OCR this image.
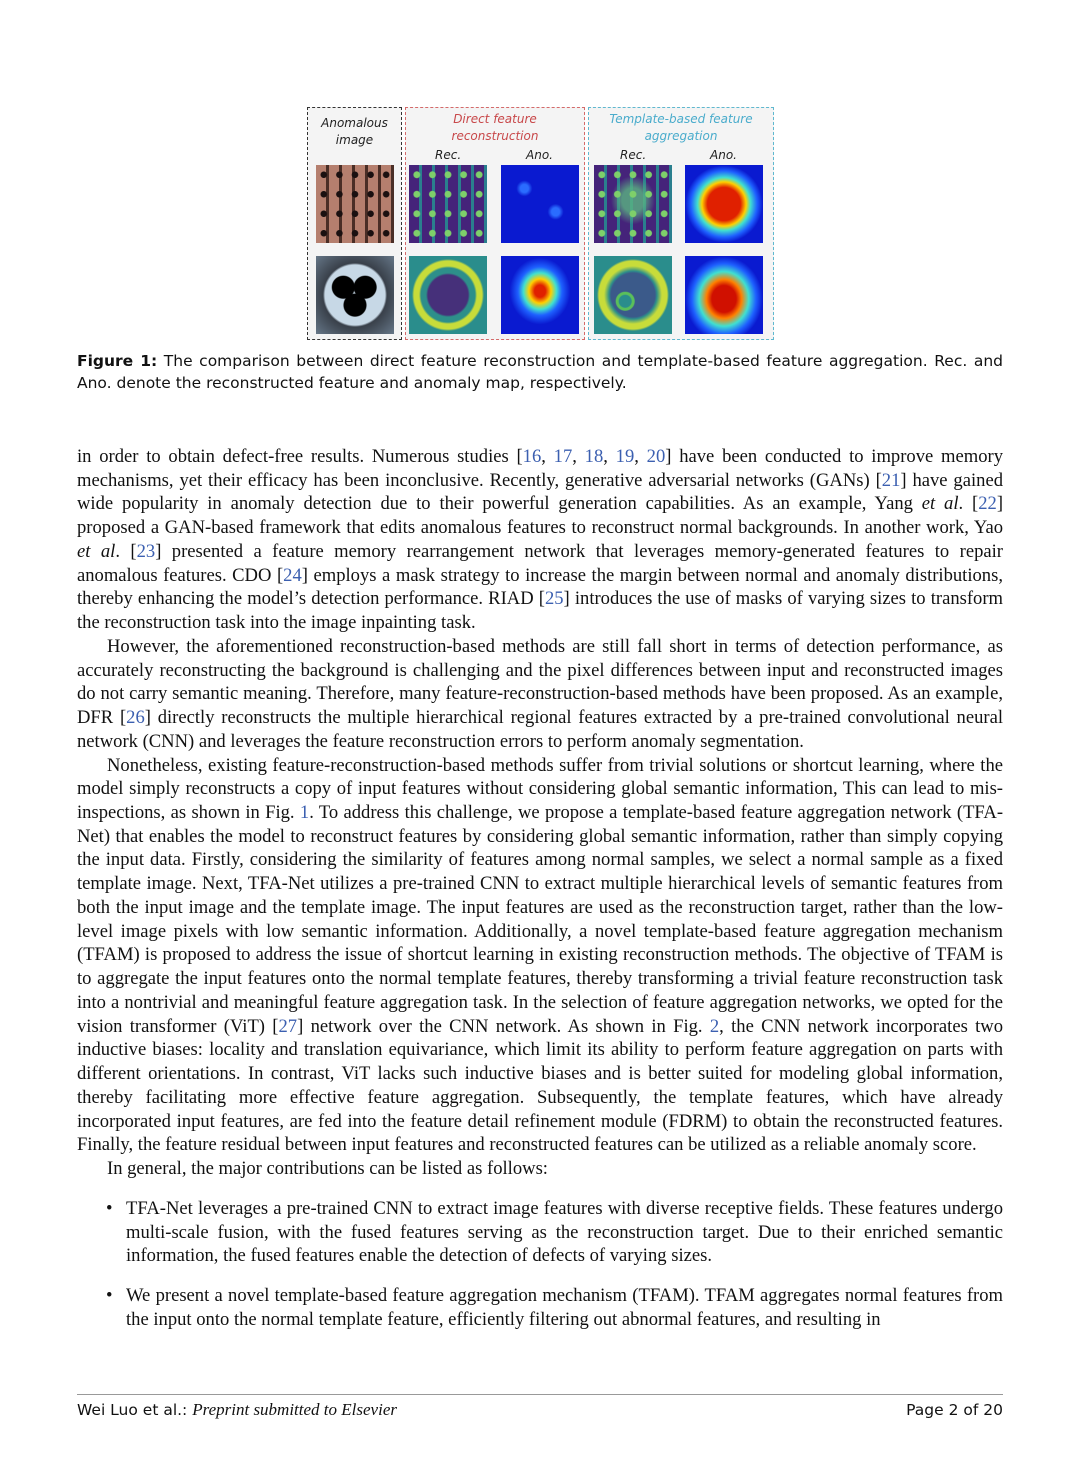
Anomalous image
Direct feature reconstruction
Rec.	Ano.
Template-based feature aggregation
Rec.	Ano.
Figure 1: The comparison between direct feature reconstruction and template-based feature aggregation. Rec. and Ano. denote the reconstructed feature and anomaly map, respectively.

in order to obtain defect-free results. Numerous studies [16, 17, 18, 19, 20] have been conducted to improve memory mechanisms, yet their efficacy has been inconclusive. Recently, generative adversarial networks (GANs) [21] have gained wide popularity in anomaly detection due to their powerful generation capabilities. As an example, Yang et al. [22] proposed a GAN-based framework that edits anomalous features to reconstruct normal backgrounds. In another work, Yao et al. [23] presented a feature memory rearrangement network that leverages memory-generated features to repair anomalous features. CDO [24] employs a mask strategy to increase the margin between normal and anomaly distributions, thereby enhancing the model’s detection performance. RIAD [25] introduces the use of masks of varying sizes to transform the reconstruction task into the image inpainting task.

However, the aforementioned reconstruction-based methods are still fall short in terms of detection performance, as accurately reconstructing the background is challenging and the pixel differences between input and reconstructed images do not carry semantic meaning. Therefore, many feature-reconstruction-based methods have been proposed. As an example, DFR [26] directly reconstructs the multiple hierarchical regional features extracted by a pre-trained convolutional neural network (CNN) and leverages the feature reconstruction errors to perform anomaly segmentation.

Nonetheless, existing feature-reconstruction-based methods suffer from trivial solutions or shortcut learning, where the model simply reconstructs a copy of input features without considering global semantic information, This can lead to mis-inspections, as shown in Fig. 1. To address this challenge, we propose a template-based feature aggregation network (TFA-Net) that enables the model to reconstruct features by considering global semantic information, rather than simply copying the input data. Firstly, considering the similarity of features among normal samples, we select a normal sample as a fixed template image. Next, TFA-Net utilizes a pre-trained CNN to extract multiple hierarchical levels of semantic features from both the input image and the template image. The input features are used as the reconstruction target, rather than the low-level image pixels with low semantic information. Additionally, a novel template-based feature aggregation mechanism (TFAM) is proposed to address the issue of shortcut learning in existing reconstruction methods. The objective of TFAM is to aggregate the input features onto the normal template features, thereby transforming a trivial feature reconstruction task into a nontrivial and meaningful feature aggregation task. In the selection of feature aggregation networks, we opted for the vision transformer (ViT) [27] network over the CNN network. As shown in Fig. 2, the CNN network incorporates two inductive biases: locality and translation equivariance, which limit its ability to perform feature aggregation on parts with different orientations. In contrast, ViT lacks such inductive biases and is better suited for modeling global information, thereby facilitating more effective feature aggregation. Subsequently, the template features, which have already incorporated input features, are fed into the feature detail refinement module (FDRM) to obtain the reconstructed features. Finally, the feature residual between input features and reconstructed features can be utilized as a reliable anomaly score.

In general, the major contributions can be listed as follows:

• TFA-Net leverages a pre-trained CNN to extract image features with diverse receptive fields. These features undergo multi-scale fusion, with the fused features serving as the reconstruction target. Due to their enriched semantic information, the fused features enable the detection of defects of varying sizes.
• We present a novel template-based feature aggregation mechanism (TFAM). TFAM aggregates normal features from the input onto the normal template feature, efficiently filtering out abnormal features, and resulting in
Wei Luo et al.: Preprint submitted to Elsevier	Page 2 of 20
